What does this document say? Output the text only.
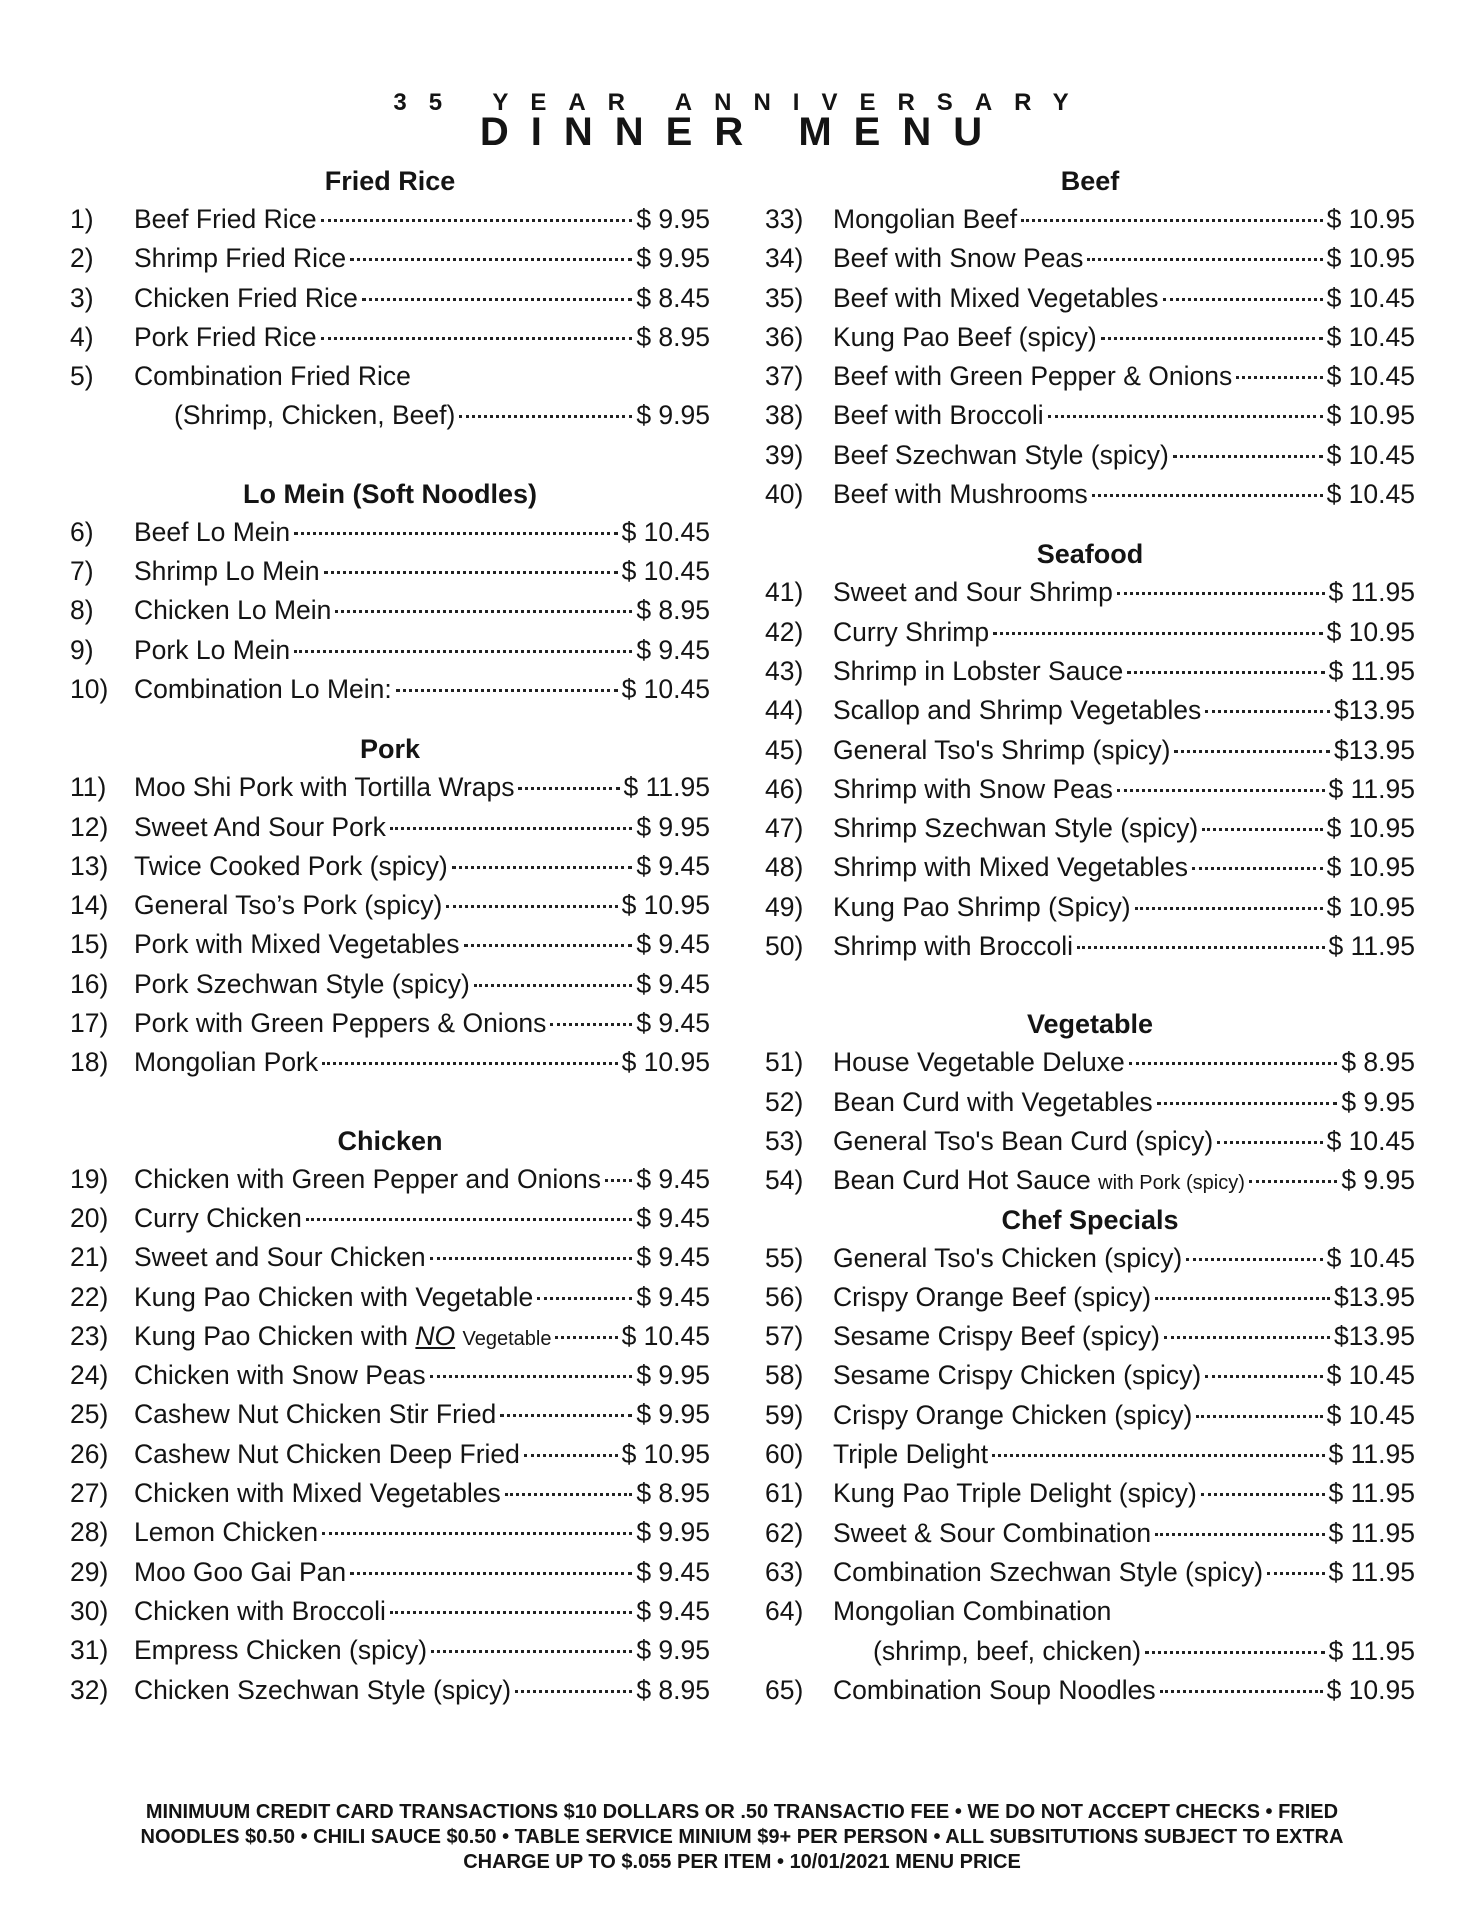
35 YEAR ANNIVERSARY
DINNER MENU
Fried Rice
1)	Beef Fried Rice	$ 9.95
2)	Shrimp Fried Rice	$ 9.95
3)	Chicken Fried Rice	$ 8.45
4)	Pork Fried Rice	$ 8.95
5)	Combination Fried Rice
(Shrimp, Chicken, Beef)	$ 9.95
Lo Mein (Soft Noodles)
6)	Beef Lo Mein	$ 10.45
7)	Shrimp Lo Mein	$ 10.45
8)	Chicken Lo Mein	$ 8.95
9)	Pork Lo Mein	$ 9.45
10) Combination Lo Mein:	$ 10.45
Pork
11)	Moo Shi Pork with Tortilla Wraps	$ 11.95
12) Sweet And Sour Pork	$ 9.95
13) Twice Cooked Pork (spicy)	$ 9.45
14) General Tso’s Pork (spicy)	$ 10.95
15) Pork with Mixed Vegetables	$ 9.45
16) Pork Szechwan Style (spicy)	$ 9.45
17) Pork with Green Peppers & Onions	$ 9.45
18) Mongolian Pork	$ 10.95
Chicken
19) Chicken with Green Pepper and Onions $ 9.45
20) Curry Chicken	$ 9.45
21) Sweet and Sour Chicken	$ 9.45
22) Kung Pao Chicken with Vegetable	$ 9.45
23) Kung Pao Chicken with NO Vegetable	$ 10.45
24) Chicken with Snow Peas	$ 9.95
25) Cashew Nut Chicken Stir Fried	$ 9.95
26) Cashew Nut Chicken Deep Fried	$ 10.95
27) Chicken with Mixed Vegetables	$ 8.95
28) Lemon Chicken	$ 9.95
29) Moo Goo Gai Pan	$ 9.45
30) Chicken with Broccoli	$ 9.45
31) Empress Chicken (spicy)	$ 9.95
32) Chicken Szechwan Style (spicy)	$ 8.95
Beef
33)	Mongolian Beef	$ 10.95
34)	Beef with Snow Peas	$ 10.95
35)	Beef with Mixed Vegetables	$ 10.45
36)	Kung Pao Beef (spicy)	$ 10.45
37)	Beef with Green Pepper & Onions	$ 10.45
38)	Beef with Broccoli	$ 10.95
39)	Beef Szechwan Style (spicy)	$ 10.45
40)	Beef with Mushrooms	$ 10.45
Seafood
41)	Sweet and Sour Shrimp	$ 11.95
42)	Curry Shrimp	$ 10.95
43)	Shrimp in Lobster Sauce	$ 11.95
44)	Scallop and Shrimp Vegetables	$13.95
45)	General Tso's Shrimp (spicy)	$13.95
46)	Shrimp with Snow Peas	$ 11.95
47)	Shrimp Szechwan Style (spicy)	$ 10.95
48)	Shrimp with Mixed Vegetables	$ 10.95
49)	Kung Pao Shrimp (Spicy)	$ 10.95
50)	Shrimp with Broccoli	$ 11.95
Vegetable
51)	House Vegetable Deluxe	$ 8.95
52)	Bean Curd with Vegetables	$ 9.95
53)	General Tso's Bean Curd (spicy)	$ 10.45
54)	Bean Curd Hot Sauce with Pork (spicy)	$ 9.95
Chef Specials
55)	General Tso's Chicken (spicy)	$ 10.45
56)	Crispy Orange Beef (spicy)	$13.95
57)	Sesame Crispy Beef (spicy)	$13.95
58)	Sesame Crispy Chicken (spicy)	$ 10.45
59)	Crispy Orange Chicken (spicy)	$ 10.45
60)	Triple Delight	$ 11.95
61)	Kung Pao Triple Delight (spicy)	$ 11.95
62)	Sweet & Sour Combination	$ 11.95
63)	Combination Szechwan Style (spicy) $ 11.95
64)	Mongolian Combination
(shrimp, beef, chicken)	$ 11.95
65)	Combination Soup Noodles	$ 10.95
MINIMUUM CREDIT CARD TRANSACTIONS $10 DOLLARS OR .50 TRANSACTIO FEE • WE DO NOT ACCEPT CHECKS • FRIED
NOODLES $0.50 • CHILI SAUCE $0.50 • TABLE SERVICE MINIUM $9+ PER PERSON • ALL SUBSITUTIONS SUBJECT TO EXTRA
CHARGE UP TO $.055 PER ITEM • 10/01/2021 MENU PRICE
